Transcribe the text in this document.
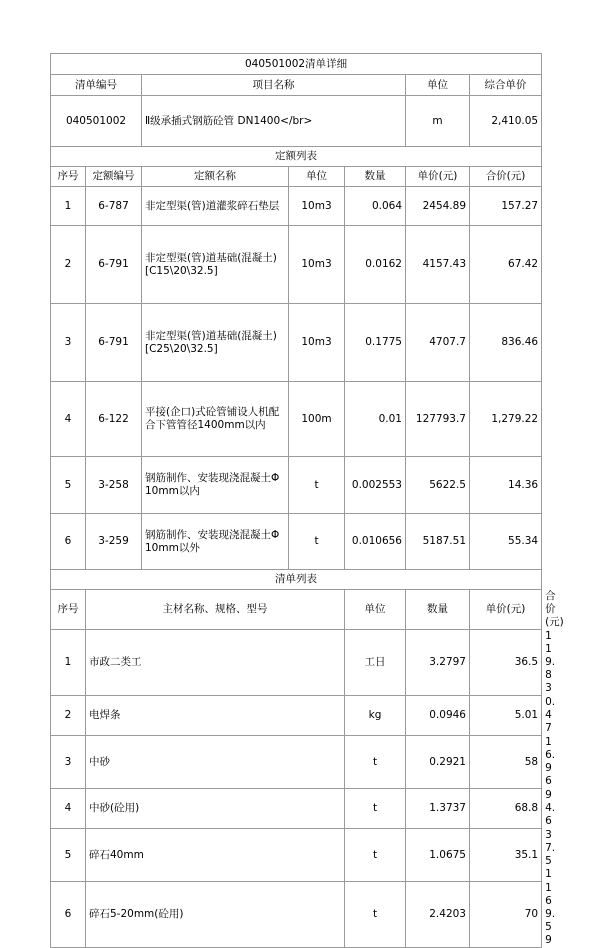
040501002清单详细							
清单编号		项目名称			单位	综合单价	
040501002		Ⅱ级承插式钢筋砼管 DN1400</br>			m	2,410.05	
定额列表							
序号	定额编号	定额名称	单位	数量	单价(元)	合价(元)	
1	6-787	非定型渠(管)道灌浆碎石垫层	10m3	0.064	2454.89	157.27	
2	6-791	非定型渠(管)道基础(混凝土)[C15\20\32.5]	10m3	0.0162	4157.43	67.42	
3	6-791	非定型渠(管)道基础(混凝土)[C25\20\32.5]	10m3	0.1775	4707.7	836.46	
4	6-122	平接(企口)式砼管铺设人机配合下管管径1400mm以内	100m	0.01	127793.7	1,279.22	
5	3-258	钢筋制作、安装现浇混凝土Φ10mm以内	t	0.002553	5622.5	14.36	
6	3-259	钢筋制作、安装现浇混凝土Φ10mm以外	t	0.010656	5187.51	55.34	
清单列表							
序号	主材名称、规格、型号			单位	数量	单价(元)	合价(元)
1	市政二类工			工日	3.2797	36.5	119.83
2	电焊条			kg	0.0946	5.01	0.47
3	中砂			t	0.2921	58	16.96
4	中砂(砼用)			t	1.3737	68.8	94.6
5	碎石40mm			t	1.0675	35.1	37.51
6	碎石5-20mm(砼用)			t	2.4203	70	169.59
